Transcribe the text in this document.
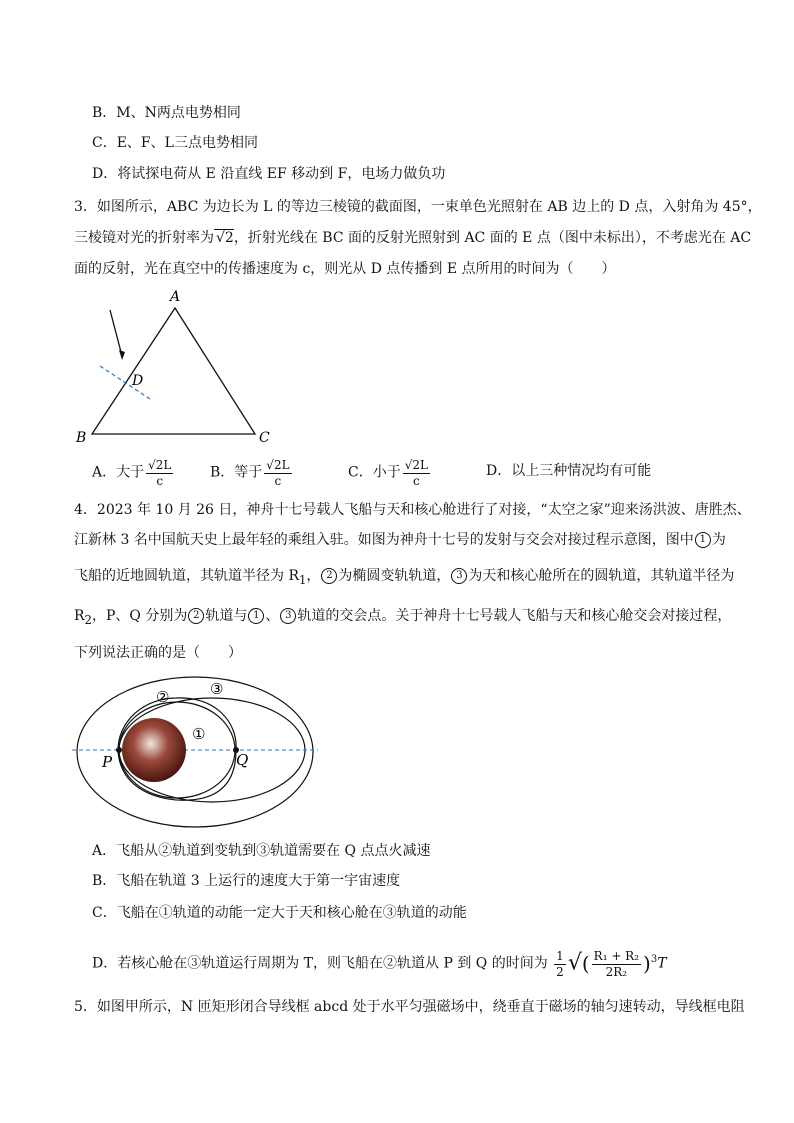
B．M、N两点电势相同
C．E、F、L三点电势相同
D．将试探电荷从 E 沿直线 EF 移动到 F，电场力做负功
3．如图所示，ABC 为边长为 L 的等边三棱镜的截面图，一束单色光照射在 AB 边上的 D 点，入射角为 45°，
三棱镜对光的折射率为 √2，折射光线在 BC 面的反射光照射到 AC 面的 E 点（图中未标出），不考虑光在 AC
面的反射，光在真空中的传播速度为 c，则光从 D 点传播到 E 点所用的时间为（　　）
A
B	C
D
A．大于 $\frac{√2L}{c}$	B．等于 $\frac{√2L}{c}$	C．小于 $\frac{√2L}{c}$	D．以上三种情况均有可能
4．2023 年 10 月 26 日，神舟十七号载人飞船与天和核心舱进行了对接，“太空之家”迎来汤洪波、唐胜杰、
江新林 3 名中国航天史上最年轻的乘组入驻。如图为神舟十七号的发射与交会对接过程示意图，图中 1 为
飞船的近地圆轨道，其轨道半径为 $R_1$， 2 为椭圆变轨轨道， 3 为天和核心舱所在的圆轨道，其轨道半径为
$R_2$，P、Q 分别为 2 轨道与 1 、 3 轨道的交会点。关于神舟十七号载人飞船与天和核心舱交会对接过程，
下列说法正确的是（　　）
②	③
①
P	Q
A．飞船从②轨道到变轨到③轨道需要在 Q 点点火减速
B．飞船在轨道 3 上运行的速度大于第一宇宙速度
C．飞船在①轨道的动能一定大于天和核心舱在③轨道的动能
D．若核心舱在③轨道运行周期为 T，则飞船在②轨道从 P 到 Q 的时间为 $\frac{1}{2}$ √( $\frac{\text{R₁ + R₂}}{\text{2R₂}} )^3T$
5．如图甲所示，N 匝矩形闭合导线框 abcd 处于水平匀强磁场中，绕垂直于磁场的轴匀速转动，导线框电阻
